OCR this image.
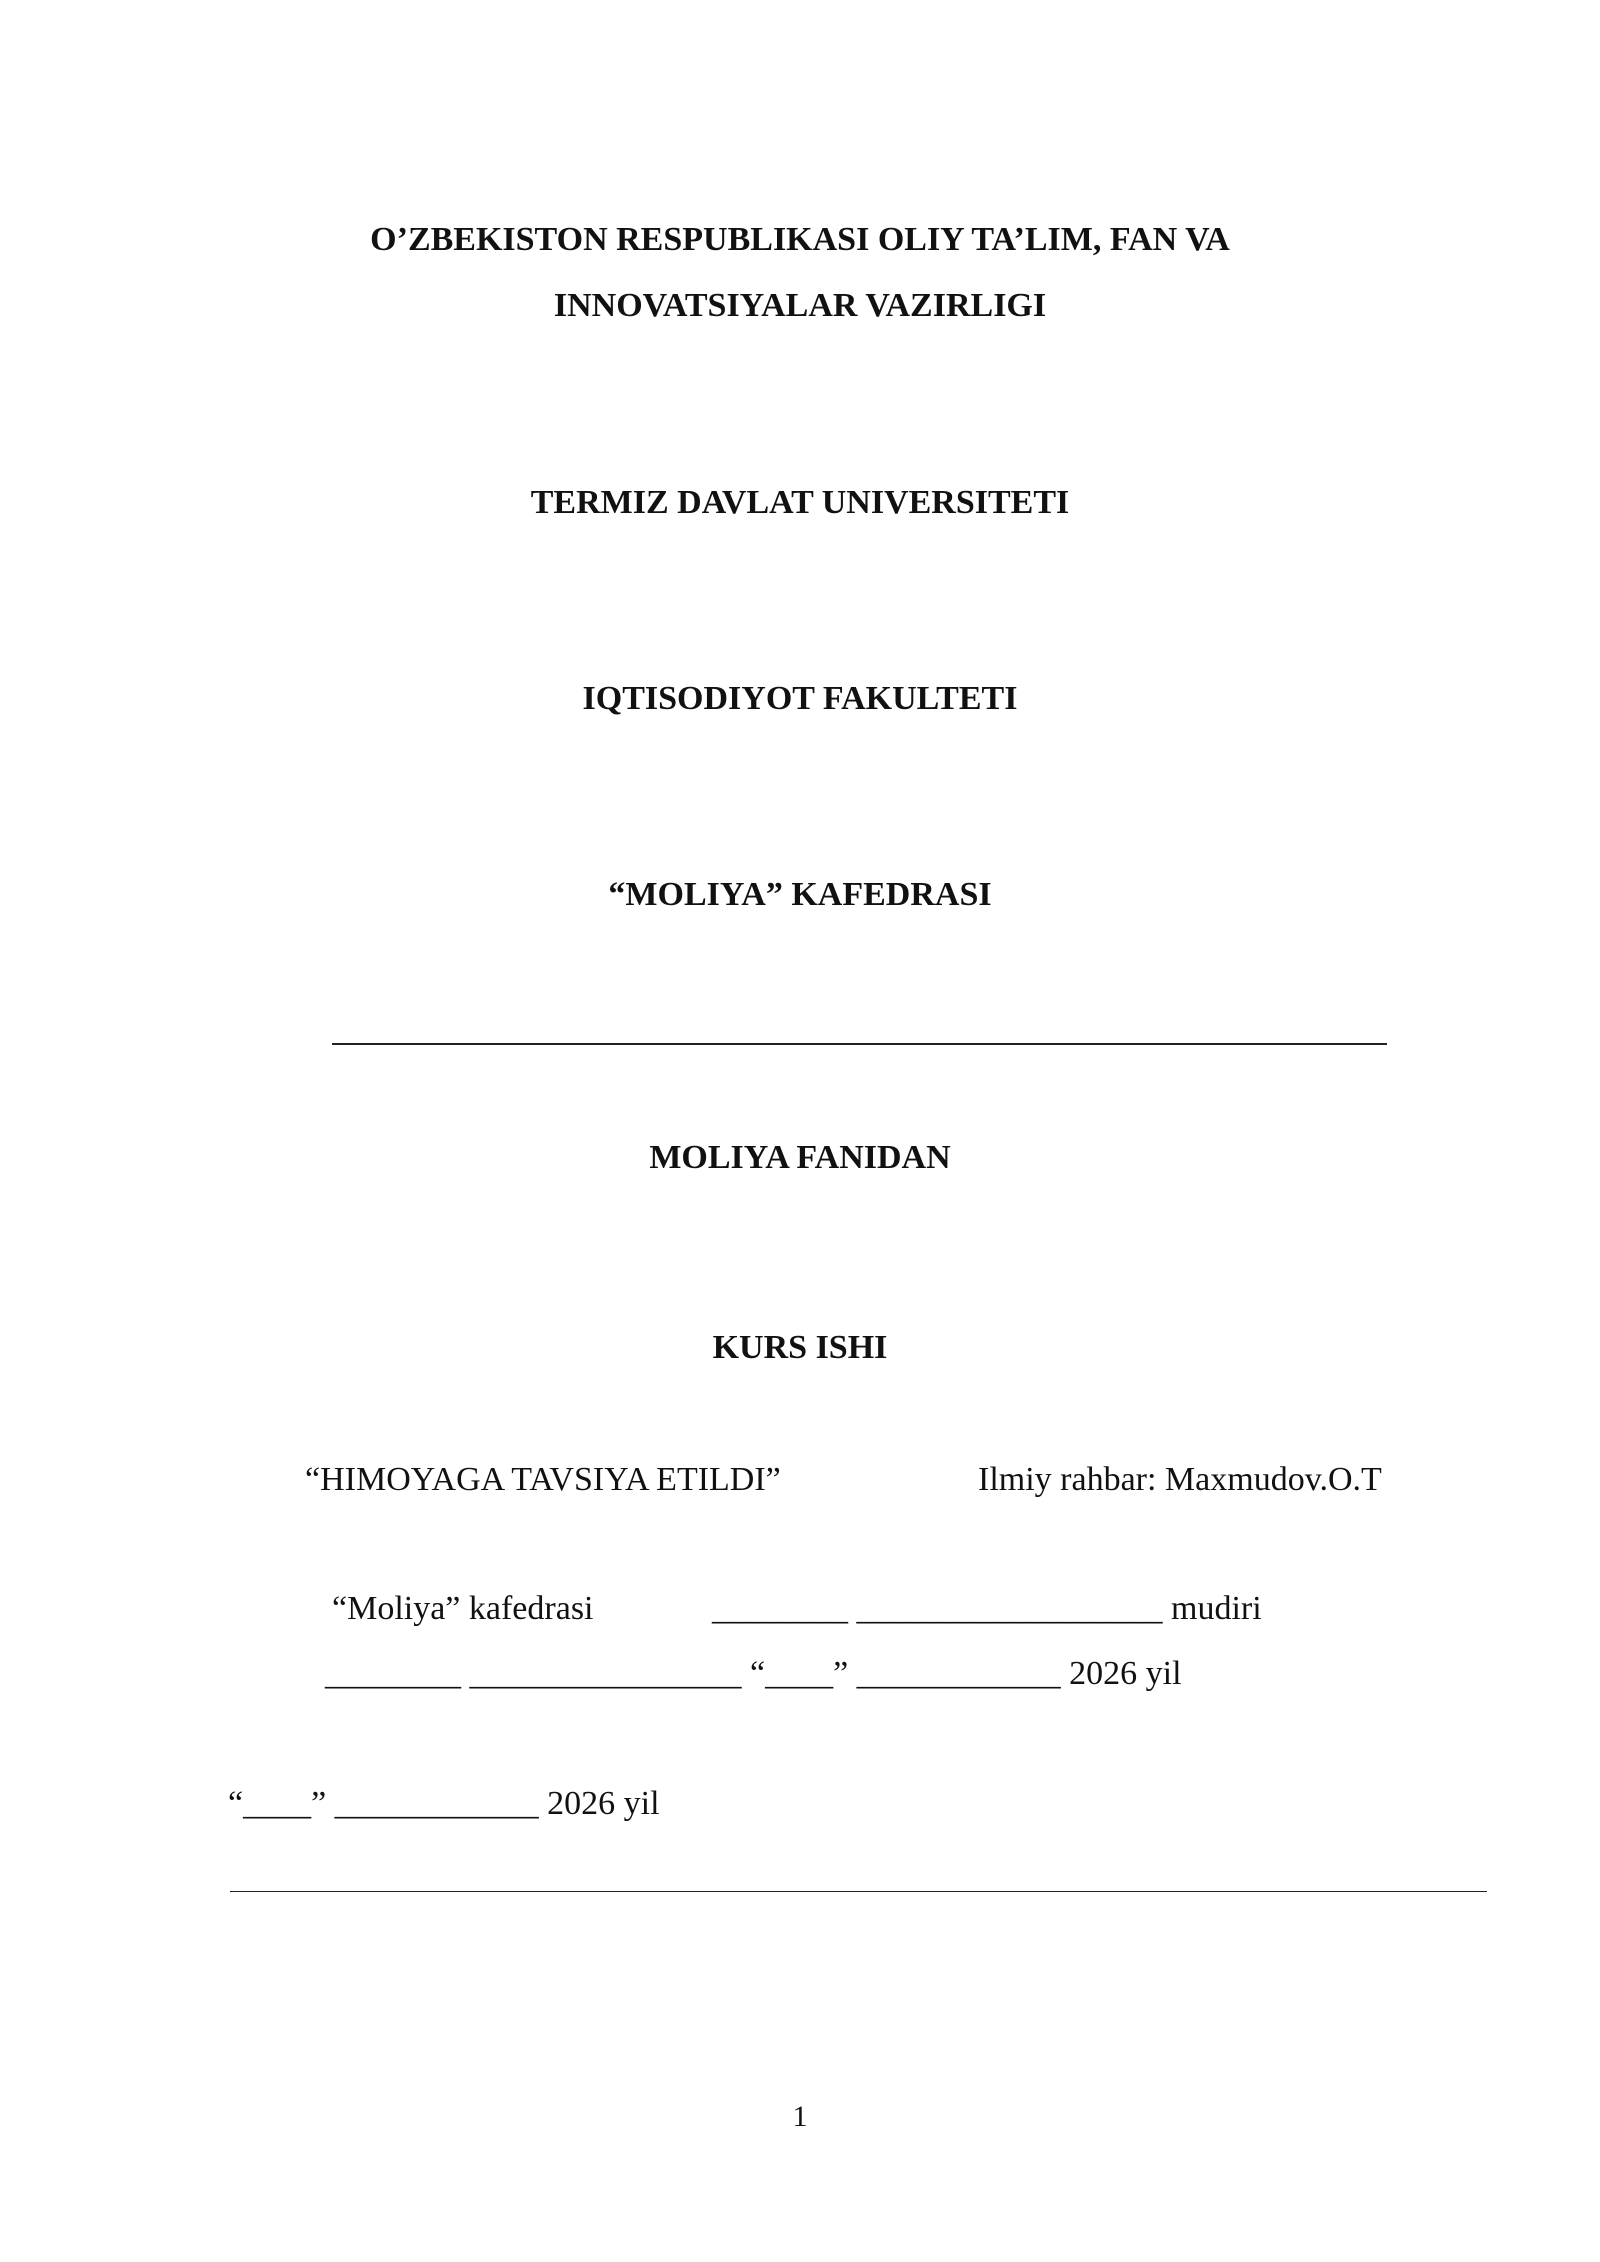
O’ZBEKISTON RESPUBLIKASI OLIY TA’LIM, FAN VA
INNOVATSIYALAR VAZIRLIGI
TERMIZ DAVLAT UNIVERSITETI
IQTISODIYOT FAKULTETI
“MOLIYA” KAFEDRASI
MOLIYA FANIDAN
KURS ISHI
“HIMOYAGA TAVSIYA ETILDI”	Ilmiy rahbar: Maxmudov.O.T
“Moliya” kafedrasi	________ __________________ mudiri
________ ________________ “____” ____________ 2026 yil
“____” ____________ 2026 yil
1
